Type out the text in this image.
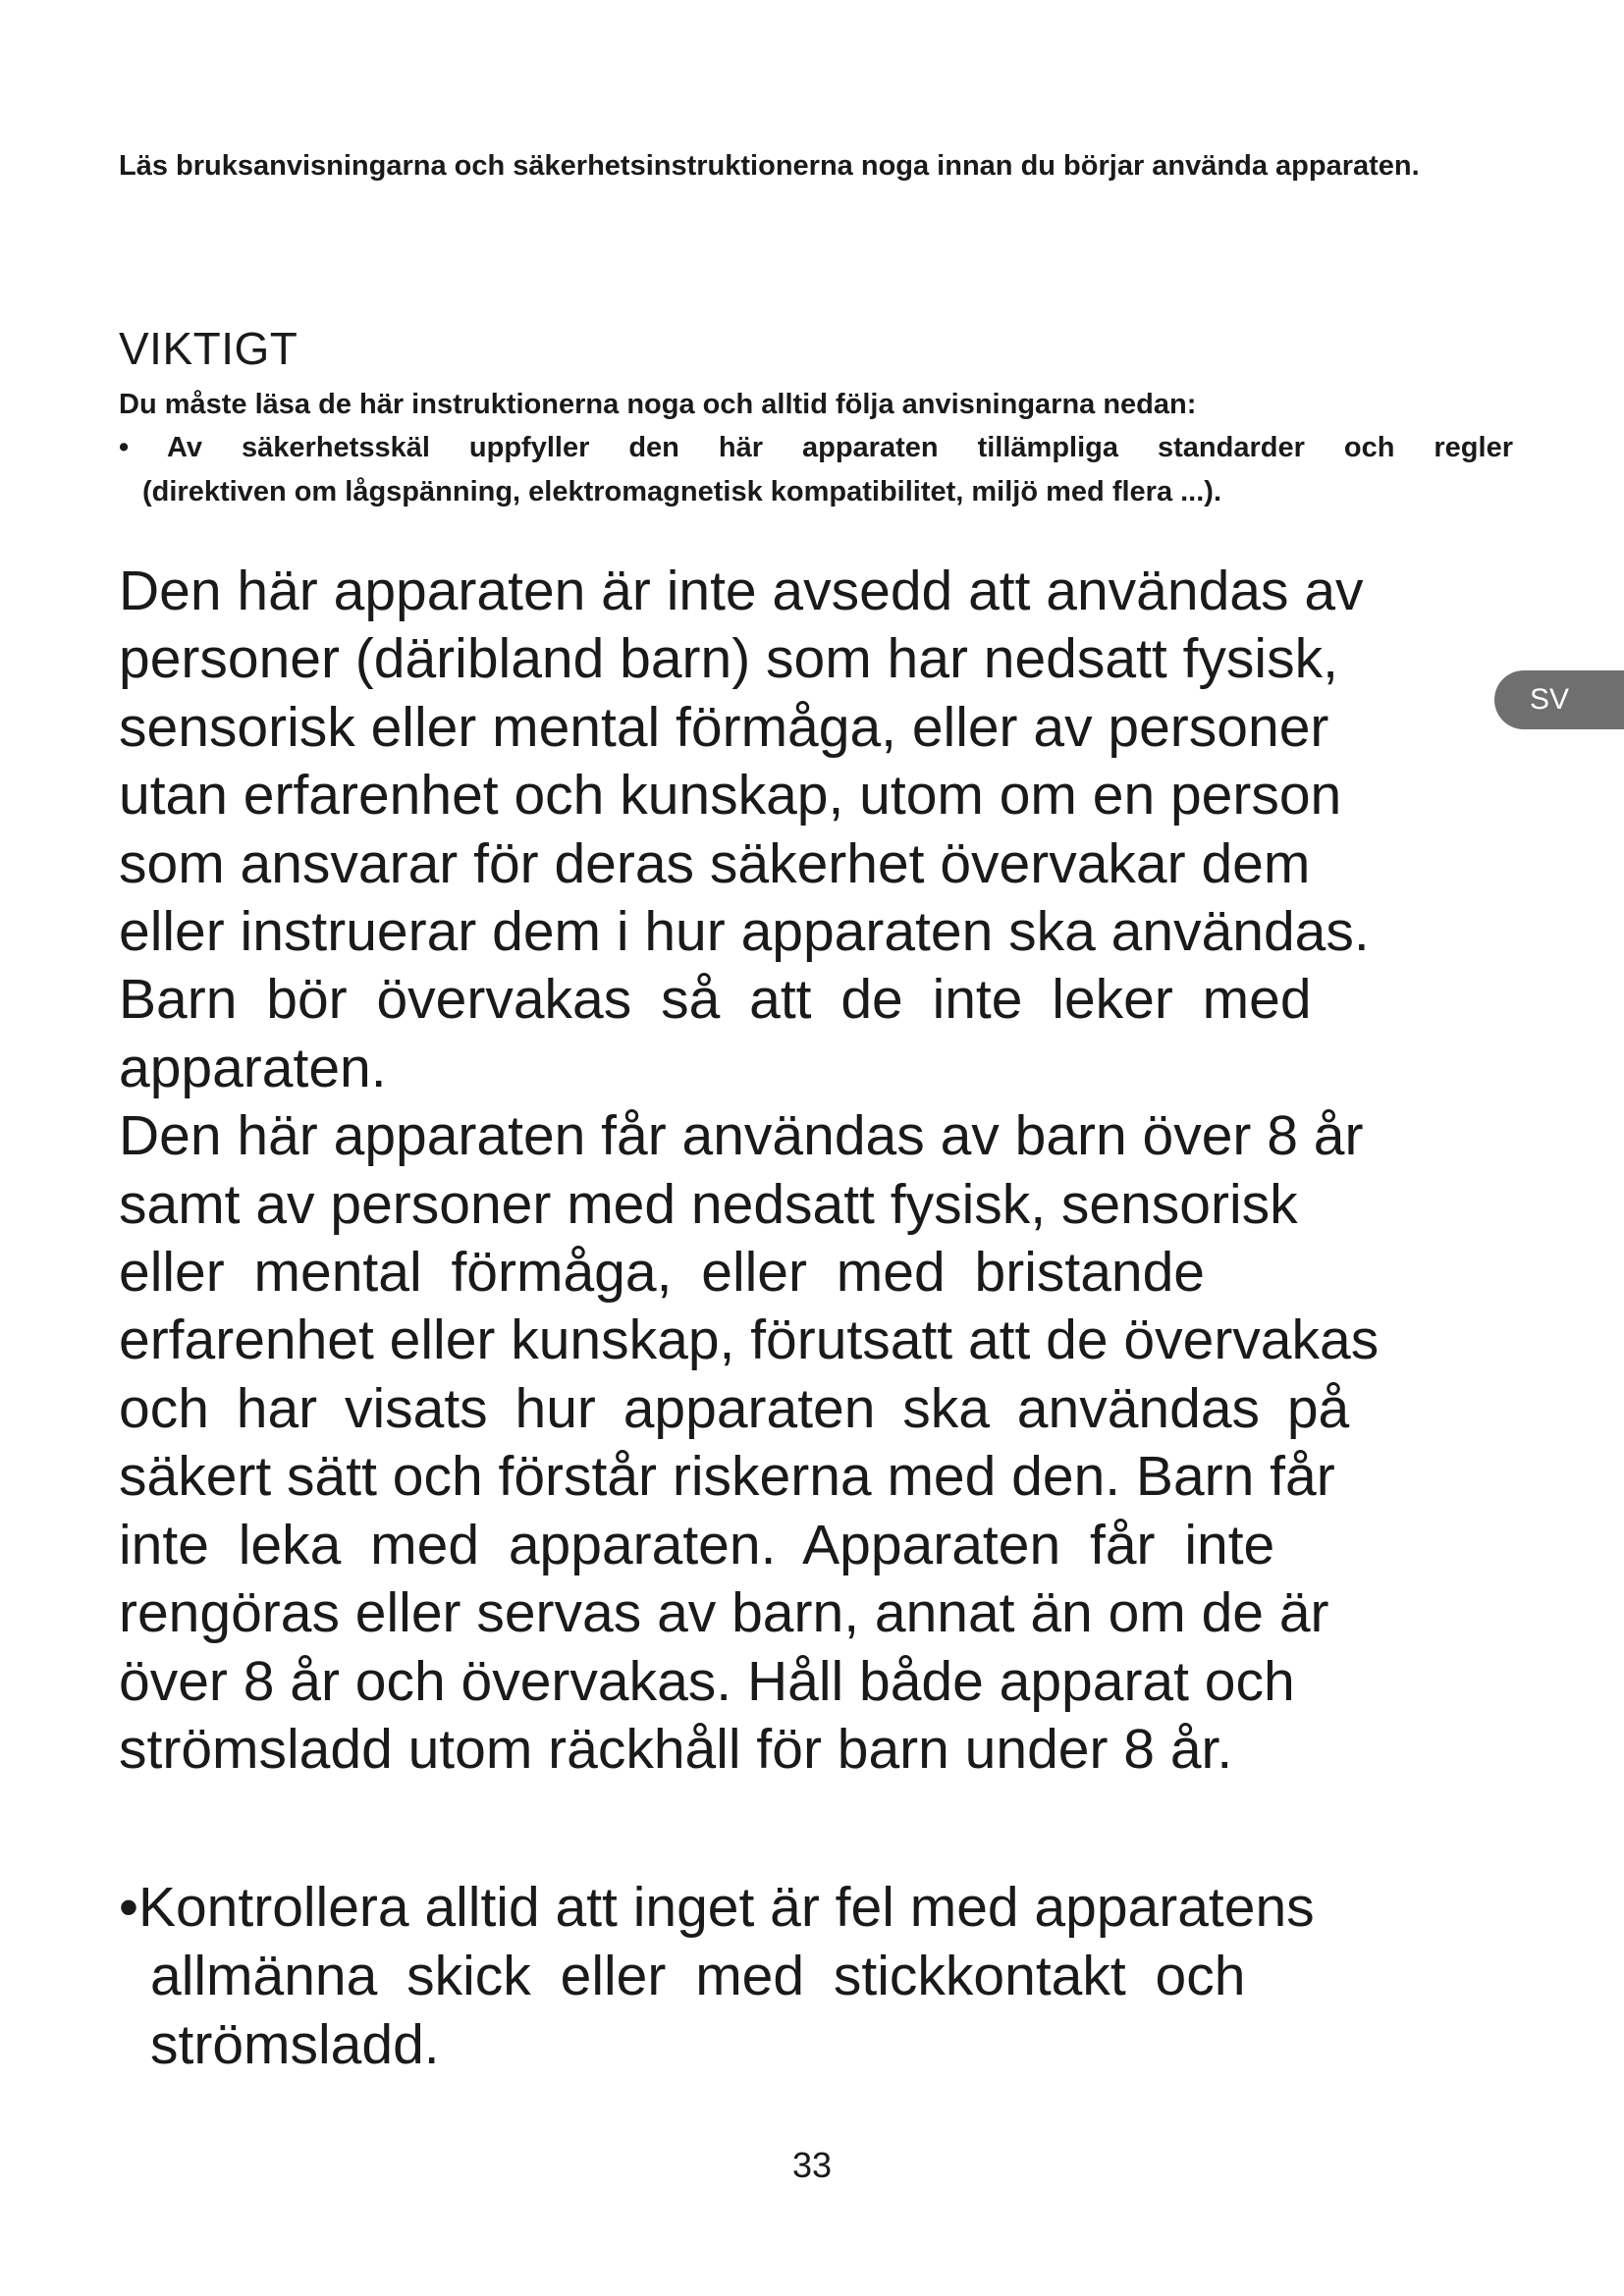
Läs bruksanvisningarna och säkerhetsinstruktionerna noga innan du börjar använda apparaten.

VIKTIGT

Du måste läsa de här instruktionerna noga och alltid följa anvisningarna nedan:

• Av säkerhetsskäl uppfyller den här apparaten tillämpliga standarder och regler
(direktiven om lågspänning, elektromagnetisk kompatibilitet, miljö med flera ...).

Den här apparaten är inte avsedd att användas av
personer (däribland barn) som har nedsatt fysisk,
sensorisk eller mental förmåga, eller av personer
utan erfarenhet och kunskap, utom om en person
som ansvarar för deras säkerhet övervakar dem
eller instruerar dem i hur apparaten ska användas.
Barn bör övervakas så att de inte leker med
apparaten.
Den här apparaten får användas av barn över 8 år
samt av personer med nedsatt fysisk, sensorisk
eller mental förmåga, eller med bristande
erfarenhet eller kunskap, förutsatt att de övervakas
och har visats hur apparaten ska användas på
säkert sätt och förstår riskerna med den. Barn får
inte leka med apparaten. Apparaten får inte
rengöras eller servas av barn, annat än om de är
över 8 år och övervakas. Håll både apparat och
strömsladd utom räckhåll för barn under 8 år.
•Kontrollera alltid att inget är fel med apparatens
allmänna skick eller med stickkontakt och
strömsladd.
SV
33
